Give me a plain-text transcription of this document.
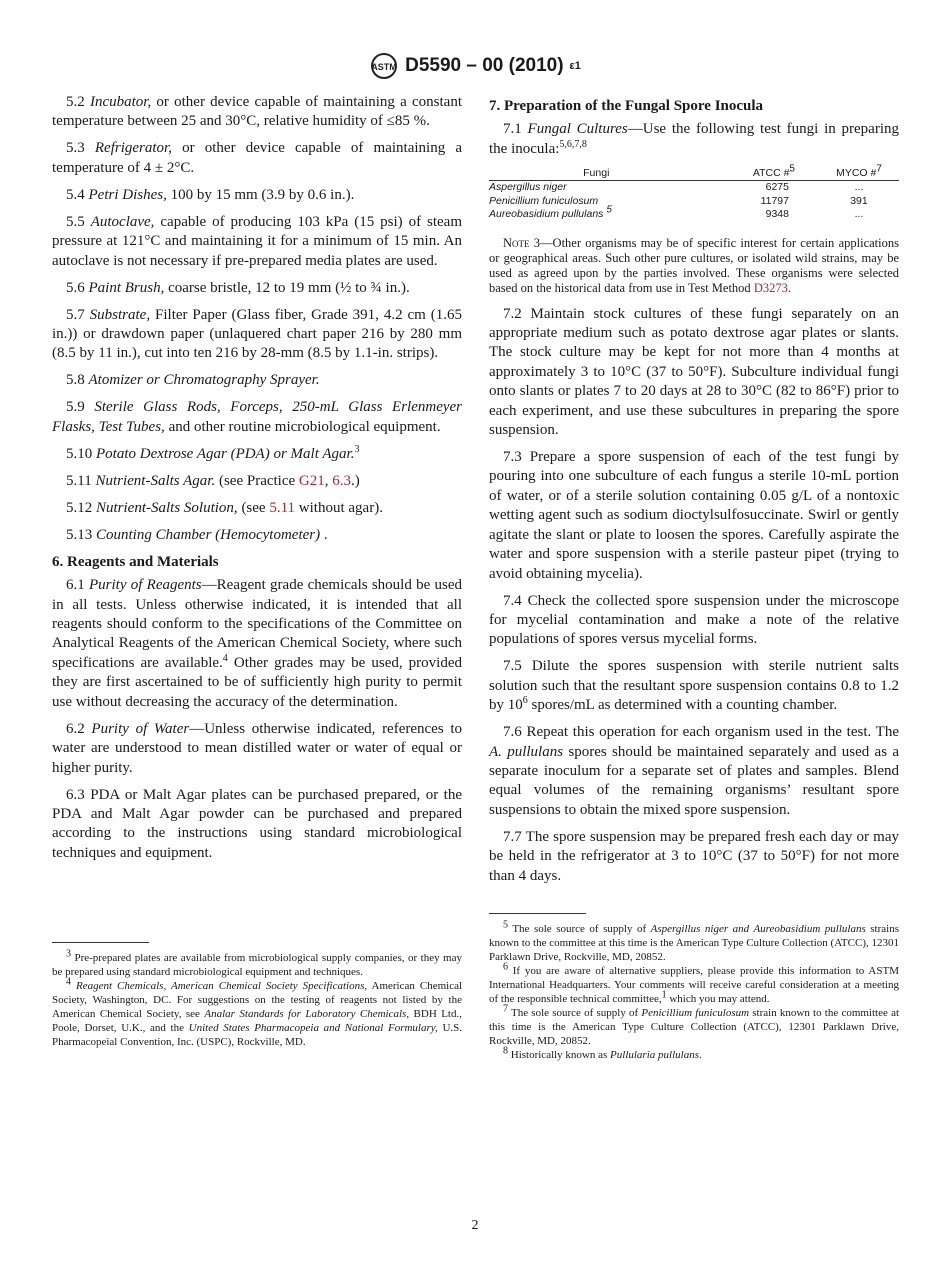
ASTM D5590 – 00 (2010) ε1

5.2 Incubator, or other device capable of maintaining a constant temperature between 25 and 30°C, relative humidity of ≤85 %.

5.3 Refrigerator, or other device capable of maintaining a temperature of 4 ± 2°C.

5.4 Petri Dishes, 100 by 15 mm (3.9 by 0.6 in.).

5.5 Autoclave, capable of producing 103 kPa (15 psi) of steam pressure at 121°C and maintaining it for a minimum of 15 min. An autoclave is not necessary if pre-prepared media plates are used.

5.6 Paint Brush, coarse bristle, 12 to 19 mm (½ to ¾ in.).

5.7 Substrate, Filter Paper (Glass fiber, Grade 391, 4.2 cm (1.65 in.)) or drawdown paper (unlaquered chart paper 216 by 280 mm (8.5 by 11 in.), cut into ten 216 by 28-mm (8.5 by 1.1-in. strips).

5.8 Atomizer or Chromatography Sprayer.

5.9 Sterile Glass Rods, Forceps, 250-mL Glass Erlenmeyer Flasks, Test Tubes, and other routine microbiological equipment.

5.10 Potato Dextrose Agar (PDA) or Malt Agar.$^3$

5.11 Nutrient-Salts Agar. (see Practice G21, 6.3.)

5.12 Nutrient-Salts Solution, (see 5.11 without agar).

5.13 Counting Chamber (Hemocytometer) .

6. Reagents and Materials

6.1 Purity of Reagents—Reagent grade chemicals should be used in all tests. Unless otherwise indicated, it is intended that all reagents should conform to the specifications of the Committee on Analytical Reagents of the American Chemical Society, where such specifications are available.$^4$ Other grades may be used, provided they are first ascertained to be of sufficiently high purity to permit use without decreasing the accuracy of the determination.

6.2 Purity of Water—Unless otherwise indicated, references to water are understood to mean distilled water or water of equal or higher purity.

6.3 PDA or Malt Agar plates can be purchased prepared, or the PDA and Malt Agar powder can be purchased and prepared according to the instructions using standard microbiological techniques and equipment.

7. Preparation of the Fungal Spore Inocula

7.1 Fungal Cultures—Use the following test fungi in preparing the inocula:$^{5,6,7,8}$

Fungi	ATCC #$^5$	MYCO #$^7$
Aspergillus niger	6275	...
Penicillium funiculosum	11797	391
Aureobasidium pullulans $^5$	9348	...

Note 3—Other organisms may be of specific interest for certain applications or geographical areas. Such other pure cultures, or isolated wild strains, may be used as agreed upon by the parties involved. These organisms were selected based on the historical data from use in Test Method D3273.

7.2 Maintain stock cultures of these fungi separately on an appropriate medium such as potato dextrose agar plates or slants. The stock culture may be kept for not more than 4 months at approximately 3 to 10°C (37 to 50°F). Subculture individual fungi onto slants or plates 7 to 20 days at 28 to 30°C (82 to 86°F) prior to each experiment, and use these subcultures in preparing the spore suspension.

7.3 Prepare a spore suspension of each of the test fungi by pouring into one subculture of each fungus a sterile 10-mL portion of water, or of a sterile solution containing 0.05 g/L of a nontoxic wetting agent such as sodium dioctylsulfosuccinate. Swirl or gently agitate the slant or plate to loosen the spores. Carefully aspirate the water and spore suspension with a sterile pasteur pipet (trying to avoid obtaining mycelia).

7.4 Check the collected spore suspension under the microscope for mycelial contamination and make a note of the relative populations of spores versus mycelial forms.

7.5 Dilute the spores suspension with sterile nutrient salts solution such that the resultant spore suspension contains 0.8 to 1.2 by $10^6$ spores/mL as determined with a counting chamber.

7.6 Repeat this operation for each organism used in the test. The A. pullulans spores should be maintained separately and used as a separate inoculum for a separate set of plates and samples. Blend equal volumes of the remaining organisms’ resultant spore suspensions to obtain the mixed spore suspension.

7.7 The spore suspension may be prepared fresh each day or may be held in the refrigerator at 3 to 10°C (37 to 50°F) for not more than 4 days.

$^3$ Pre-prepared plates are available from microbiological supply companies, or they may be prepared using standard microbiological equipment and techniques.

$^4$ Reagent Chemicals, American Chemical Society Specifications, American Chemical Society, Washington, DC. For suggestions on the testing of reagents not listed by the American Chemical Society, see Analar Standards for Laboratory Chemicals, BDH Ltd., Poole, Dorset, U.K., and the United States Pharmacopeia and National Formulary, U.S. Pharmacopeial Convention, Inc. (USPC), Rockville, MD.

$^5$ The sole source of supply of Aspergillus niger and Aureobasidium pullulans strains known to the committee at this time is the American Type Culture Collection (ATCC), 12301 Parklawn Drive, Rockville, MD, 20852.

$^6$ If you are aware of alternative suppliers, please provide this information to ASTM International Headquarters. Your comments will receive careful consideration at a meeting of the responsible technical committee,$^1$ which you may attend.

$^7$ The sole source of supply of Penicillium funiculosum strain known to the committee at this time is the American Type Culture Collection (ATCC), 12301 Parklawn Drive, Rockville, MD, 20852.

$^8$ Historically known as Pullularia pullulans.

2
